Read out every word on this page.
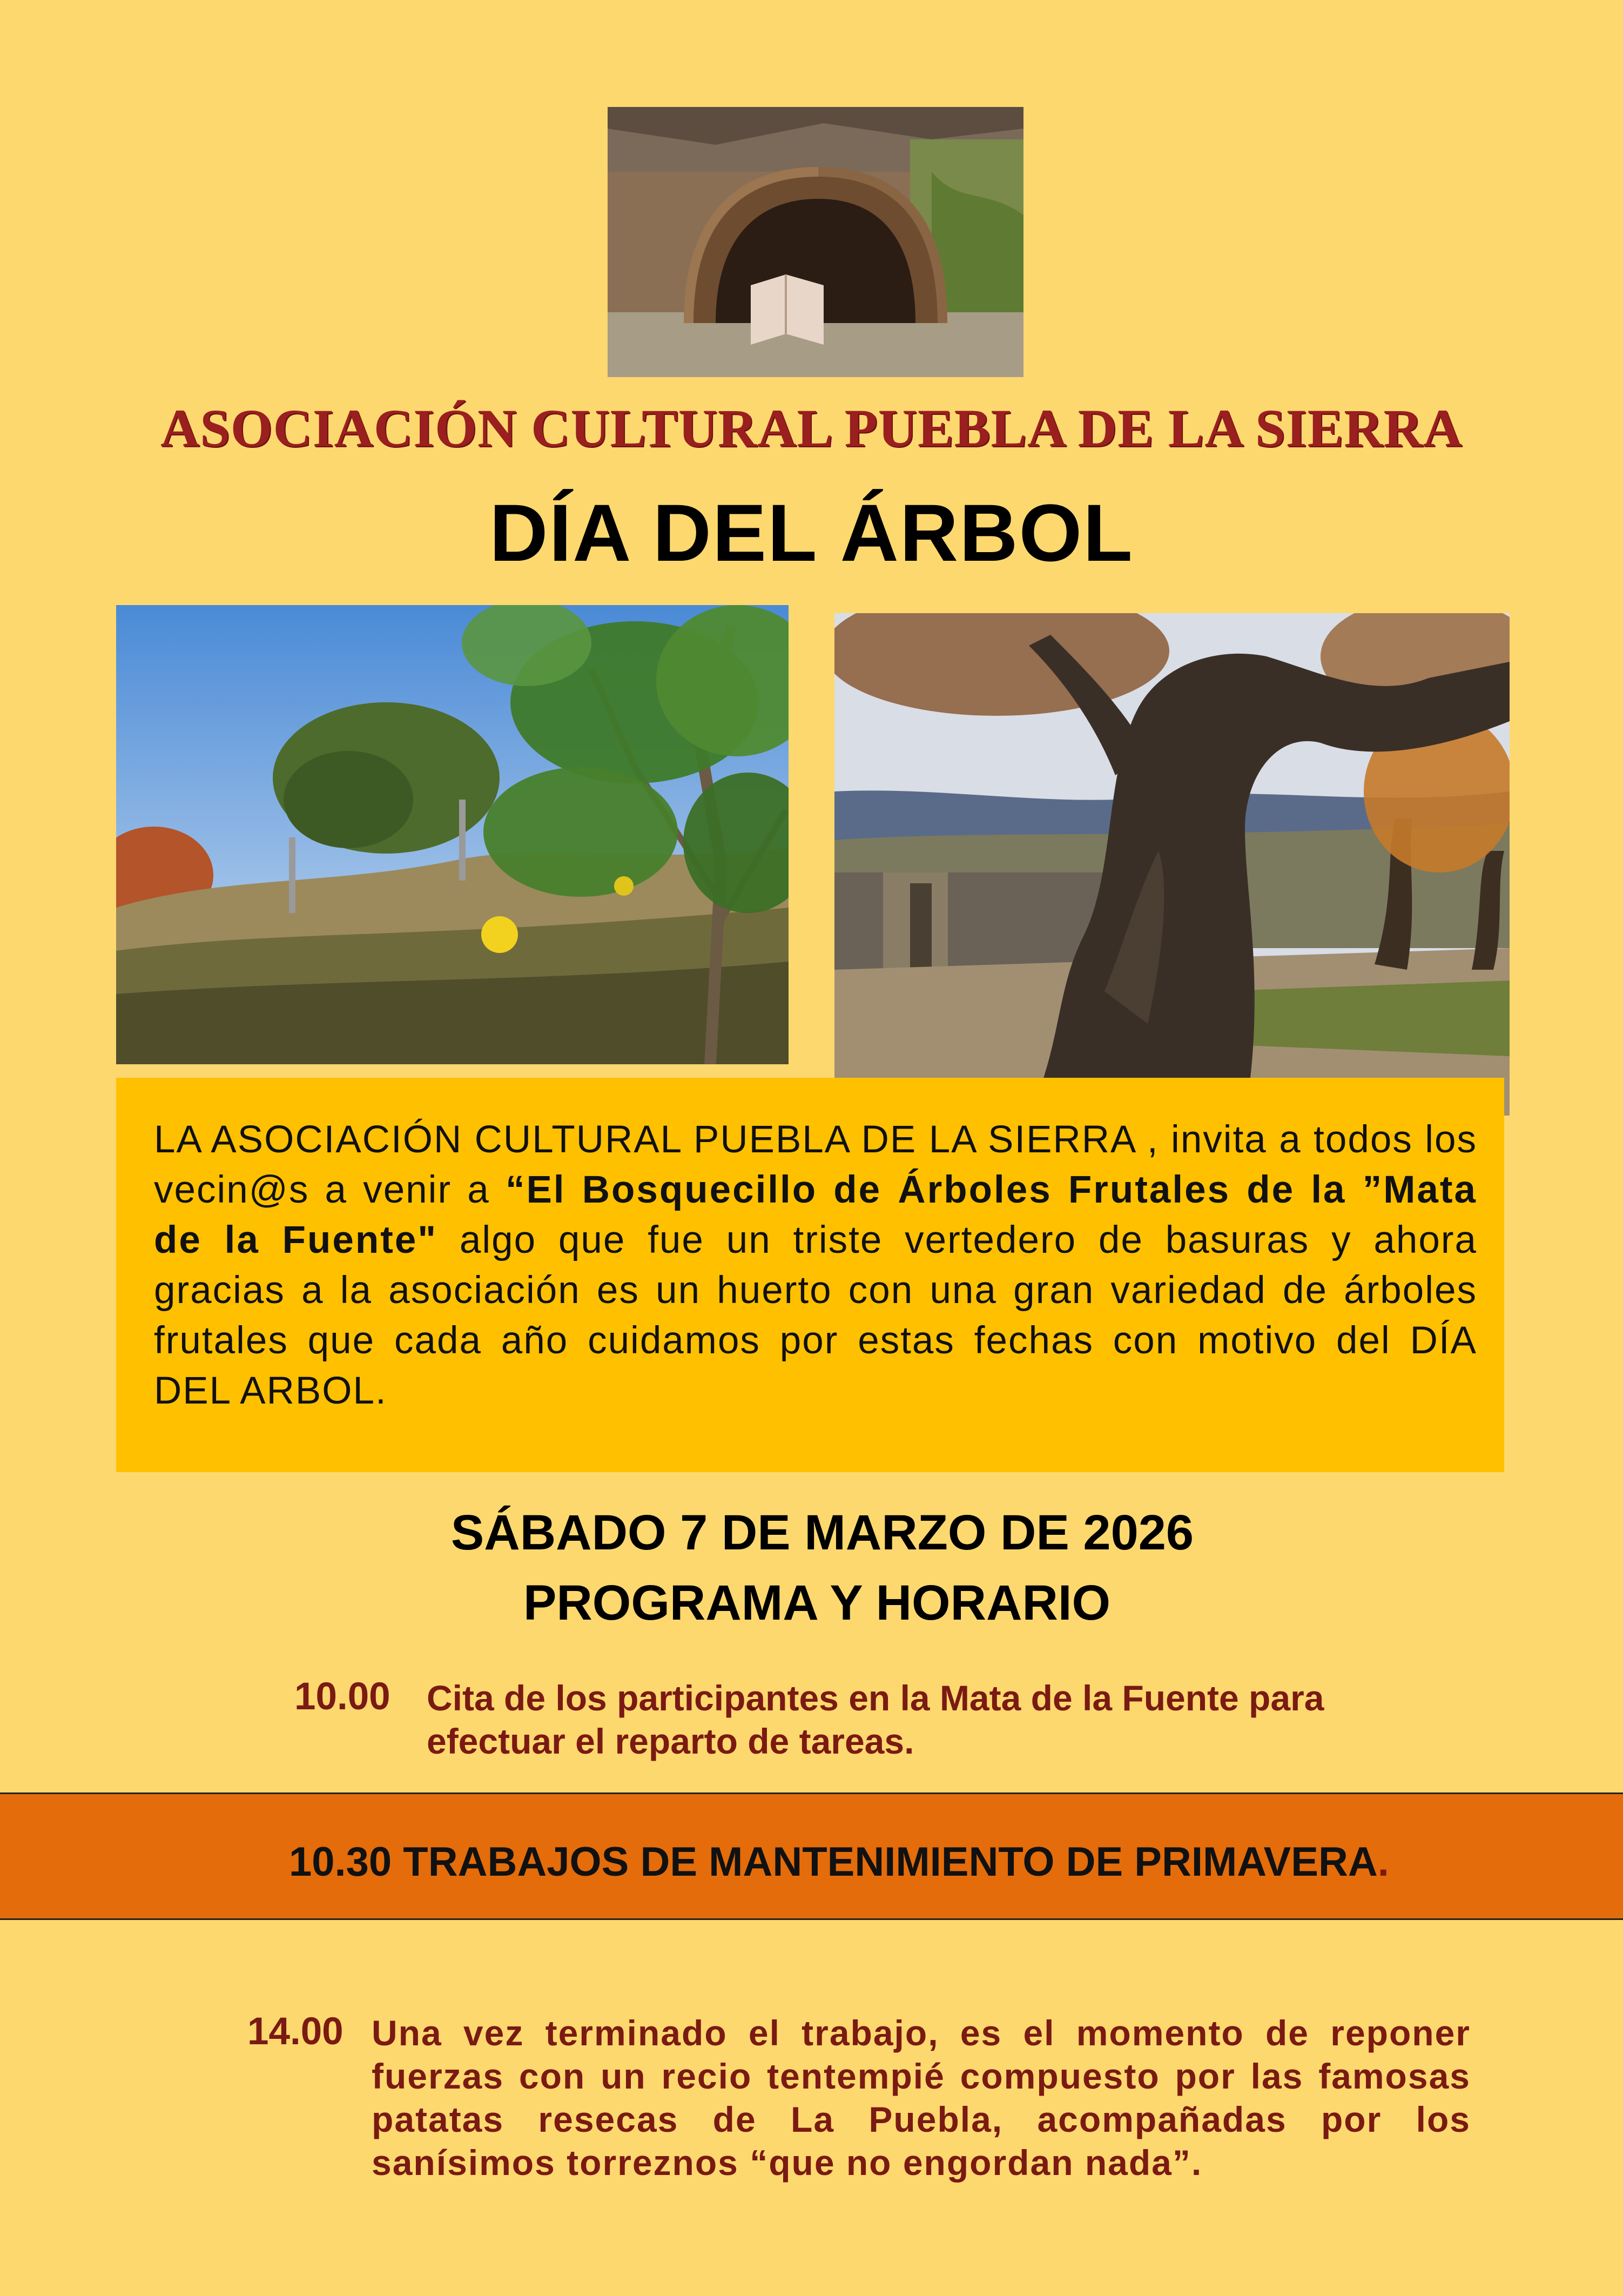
ASOCIACIÓN CULTURAL PUEBLA DE LA SIERRA
DÍA DEL ÁRBOL

LA ASOCIACIÓN CULTURAL PUEBLA DE LA SIERRA , invita a todos los vecin@s a venir a “El Bosquecillo de Árboles Frutales de la ”Mata de la Fuente" algo que fue un triste vertedero de basuras y ahora gracias a la asociación es un huerto con una gran variedad de árboles frutales que cada año cuidamos por estas fechas con motivo del DÍA DEL ARBOL.

SÁBADO 7 DE MARZO DE 2026
PROGRAMA Y HORARIO
10.00 Cita de los participantes en la Mata de la Fuente para efectuar el reparto de tareas.
10.30 TRABAJOS DE MANTENIMIENTO DE PRIMAVERA.
14.00 Una vez terminado el trabajo, es el momento de reponer fuerzas con un recio tentempié compuesto por las famosas patatas resecas de La Puebla, acompañadas por los sanísimos torreznos “que no engordan nada”.
